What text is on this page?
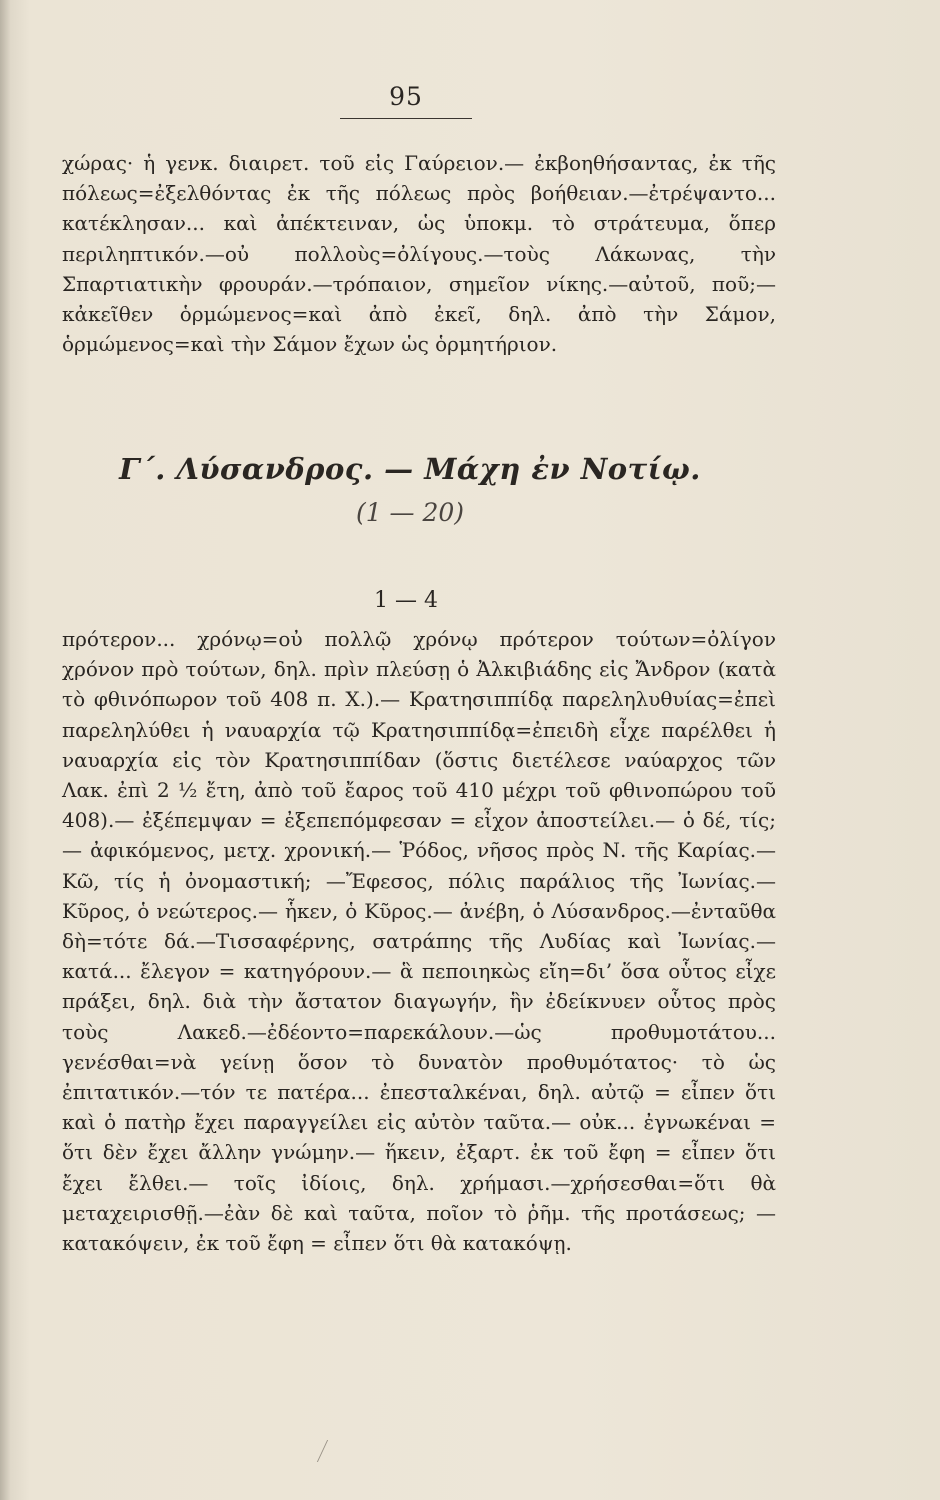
95
χώρας· ἡ γενκ. διαιρετ. τοῦ εἰς Γαύρειον.— ἐκβοηθήσαντας, ἐκ τῆς πόλεως=ἐξελθόντας ἐκ τῆς πόλεως πρὸς βοήθειαν.—ἐτρέψαντο... κατέκλησαν... καὶ ἀπέκτειναν, ὡς ὑποκμ. τὸ στράτευμα, ὅπερ περιληπτικόν.—οὐ πολλοὺς=ὀλίγους.—τοὺς Λάκωνας, τὴν Σπαρτιατικὴν φρουράν.—τρόπαιον, σημεῖον νίκης.—αὐτοῦ, ποῦ;—κἀκεῖθεν ὁρμώμενος=καὶ ἀπὸ ἐκεῖ, δηλ. ἀπὸ τὴν Σάμον, ὁρμώμενος=καὶ τὴν Σάμον ἔχων ὡς ὁρμητήριον.
Γ΄. Λύσανδρος. — Μάχη ἐν Νοτίῳ.
(1 — 20)
1 — 4
πρότερον... χρόνῳ=οὐ πολλῷ χρόνῳ πρότερον τούτων=ὀλίγον χρόνον πρὸ τούτων, δηλ. πρὶν πλεύσῃ ὁ Ἀλκιβιάδης εἰς Ἄνδρον (κατὰ τὸ φθινόπωρον τοῦ 408 π. Χ.).— Κρατησιππίδᾳ παρεληλυθυίας=ἐπεὶ παρεληλύθει ἡ ναυαρχία τῷ Κρατησιππίδᾳ=ἐπειδὴ εἶχε παρέλθει ἡ ναυαρχία εἰς τὸν Κρατησιππίδαν (ὅστις διετέλεσε ναύαρχος τῶν Λακ. ἐπὶ 2 ½ ἔτη, ἀπὸ τοῦ ἔαρος τοῦ 410 μέχρι τοῦ φθινοπώρου τοῦ 408).— ἐξέπεμψαν = ἐξεπεπόμφεσαν = εἶχον ἀποστείλει.— ὁ δέ, τίς; — ἀφικόμενος, μετχ. χρονική.— Ῥόδος, νῆσος πρὸς Ν. τῆς Καρίας.— Κῶ, τίς ἡ ὀνομαστική; —Ἔφεσος, πόλις παράλιος τῆς Ἰωνίας.— Κῦρος, ὁ νεώτερος.— ἧκεν, ὁ Κῦρος.— ἀνέβη, ὁ Λύσανδρος.—ἐνταῦθα δὴ=τότε δά.—Τισσαφέρνης, σατράπης τῆς Λυδίας καὶ Ἰωνίας.— κατά... ἔλεγον = κατηγόρουν.— ἃ πεποιηκὼς εἴη=δι’ ὅσα οὗτος εἶχε πράξει, δηλ. διὰ τὴν ἄστατον διαγωγήν, ἣν ἐδείκνυεν οὗτος πρὸς τοὺς Λακεδ.—ἐδέοντο=παρεκάλουν.—ὡς προθυμοτάτου... γενέσθαι=νὰ γείνῃ ὅσον τὸ δυνατὸν προθυμότατος· τὸ ὡς ἐπιτατικόν.—τόν τε πατέρα... ἐπεσταλκέναι, δηλ. αὐτῷ = εἶπεν ὅτι καὶ ὁ πατὴρ ἔχει παραγγείλει εἰς αὐτὸν ταῦτα.— οὐκ... ἐγνωκέναι = ὅτι δὲν ἔχει ἄλλην γνώμην.— ἥκειν, ἐξαρτ. ἐκ τοῦ ἔφη = εἶπεν ὅτι ἔχει ἔλθει.— τοῖς ἰδίοις, δηλ. χρήμασι.—χρήσεσθαι=ὅτι θὰ μεταχειρισθῇ.—ἐὰν δὲ καὶ ταῦτα, ποῖον τὸ ῥῆμ. τῆς προτάσεως; — κατακόψειν, ἐκ τοῦ ἔφη = εἶπεν ὅτι θὰ κατακόψῃ.
